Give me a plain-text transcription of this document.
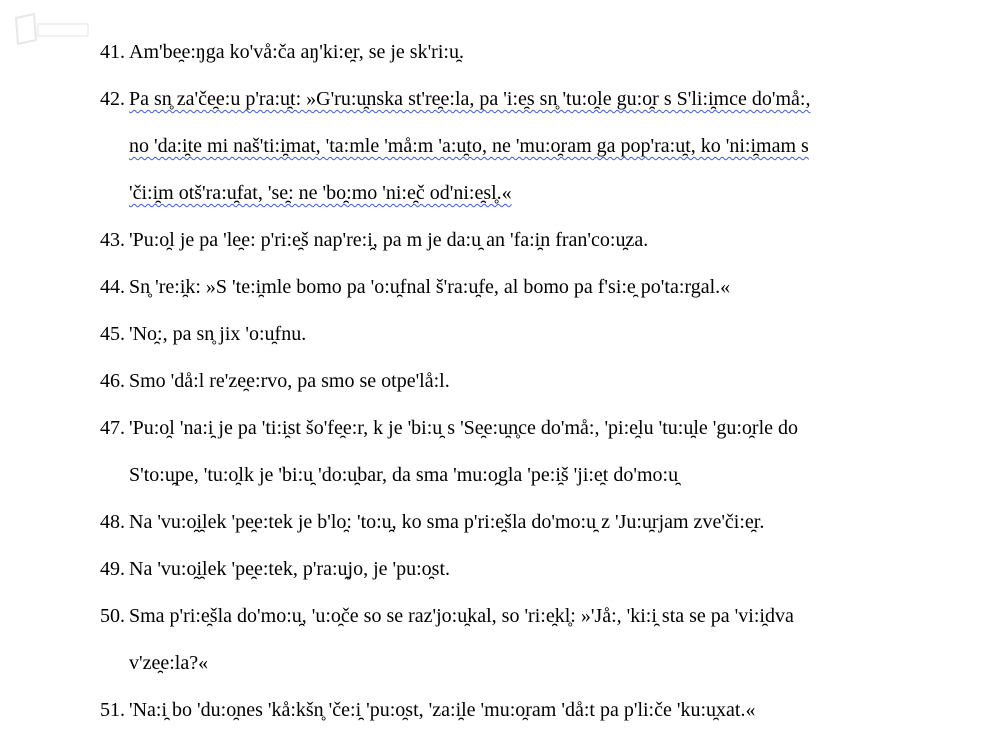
41. Am'be̯e:ŋga ko'vå:ča aŋ'ki:e̯r, se je sk'ri:u̯.
42. Pa sn̥ za'če̯e:u p'ra:u̯t: »G'ru:u̯nska st're̯e:la, pa 'i:e̯s sn̥ 'tu:o̯le gu:o̯r s S'li:i̯mce do'må:,
no 'da:i̯te mi naš'ti:i̯mat, 'ta:mle 'må:m 'a:u̯to, ne 'mu:o̯ram ga pop'ra:u̯t, ko 'ni:i̯mam s
'či:i̯m otš'ra:u̯fat, 'se̯: ne 'bo̯:mo 'ni:e̯č od'ni:e̯sl̥.«
43. 'Pu:o̯l je pa 'le̯e: p'ri:e̯š nap're:i̯, pa m je da:u̯ an 'fa:i̯n fran'co:u̯za.
44. Sn̥ 're:i̯k: »S 'te:i̯mle bomo pa 'o:u̯fnal š'ra:u̯fe, al bomo pa f'si:e̯ po'ta:rgal.«
45. 'No̯:, pa sn̥ jix 'o:u̯fnu.
46. Smo 'då:l re'ze̯e:rvo, pa smo se otpe'lå:l.
47. 'Pu:o̯l 'na:i̯ je pa 'ti:i̯st šo'fe̯e:r, k je 'bi:u̯ s 'Se̯e:u̯n̥ce do'må:, 'pi:e̯lu 'tu:u̯le 'gu:o̯rle do
S'to:u̯pe, 'tu:o̯lk je 'bi:u̯ 'do:u̯bar, da sma 'mu:o̯gla 'pe:i̯š 'ji:e̯t do'mo:u̯
48. Na 'vu:o̯i̯lek 'pe̯e:tek je b'lo̯: 'to:u̯, ko sma p'ri:e̯šla do'mo:u̯ z 'Ju:u̯rjam zve'či:e̯r.
49. Na 'vu:o̯i̯lek 'pe̯e:tek, p'ra:u̯jo, je 'pu:o̯st.
50. Sma p'ri:e̯šla do'mo:u̯, 'u:o̯če so se raz'jo:u̯kal, so 'ri:e̯kl̥: »'Jå:, 'ki:i̯ sta se pa 'vi:i̯dva
v'ze̯e:la?«
51. 'Na:i̯ bo 'du:o̯nes 'kå:kšn̥ 'če:i̯ 'pu:o̯st, 'za:i̯le 'mu:o̯ram 'då:t pa p'li:če 'ku:u̯xat.«
